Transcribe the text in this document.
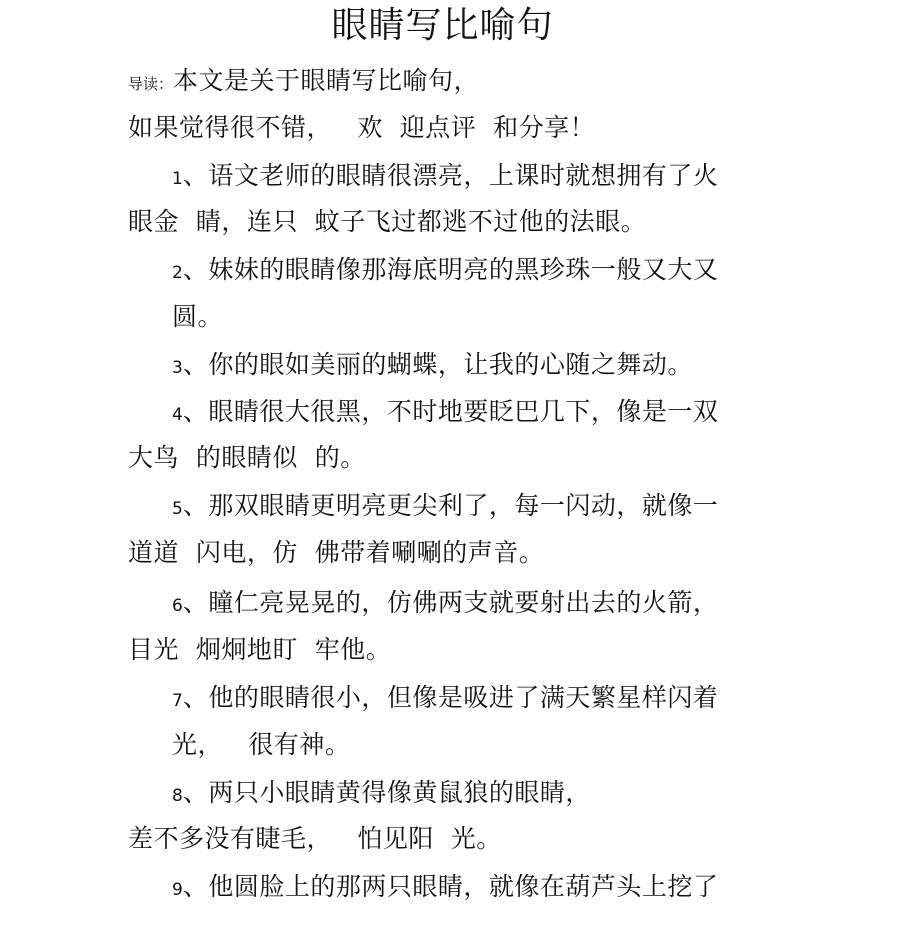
眼睛写比喻句
导读：本文是关于眼睛写比喻句，
如果觉得很不错，   欢  迎点评  和分享！
1、语文老师的眼睛很漂亮，上课时就想拥有了火
眼金  睛，连只  蚊子飞过都逃不过他的法眼。
2、妹妹的眼睛像那海底明亮的黑珍珠一般又大又
圆。
3、你的眼如美丽的蝴蝶，让我的心随之舞动。
4、眼睛很大很黑，不时地要眨巴几下，像是一双
大鸟  的眼睛似  的。
5、那双眼睛更明亮更尖利了，每一闪动，就像一
道道  闪电，仿  佛带着唰唰的声音。
6、瞳仁亮晃晃的，仿佛两支就要射出去的火箭，
目光  炯炯地盯  牢他。
7、他的眼睛很小，但像是吸进了满天繁星样闪着
光，   很有神。
8、两只小眼睛黄得像黄鼠狼的眼睛，
差不多没有睫毛，   怕见阳  光。
9、他圆脸上的那两只眼睛，就像在葫芦头上挖了
